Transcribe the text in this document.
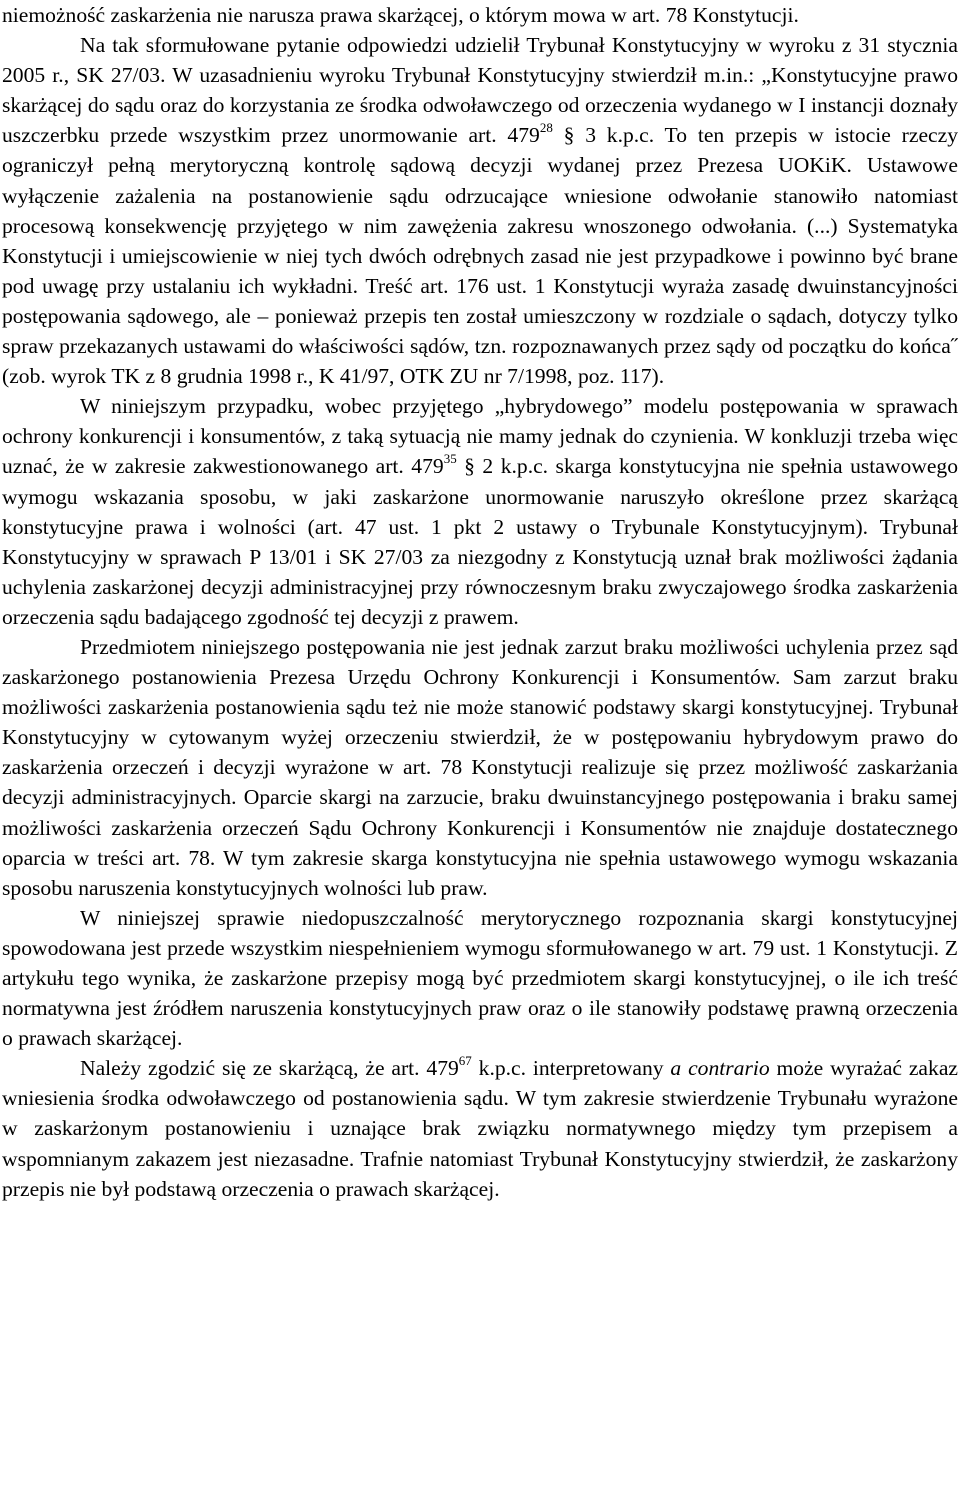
niemożność zaskarżenia nie narusza prawa skarżącej, o którym mowa w art. 78 Konstytucji.

Na tak sformułowane pytanie odpowiedzi udzielił Trybunał Konstytucyjny w wyroku z 31 stycznia 2005 r., SK 27/03. W uzasadnieniu wyroku Trybunał Konstytucyjny stwierdził m.in.: „Konstytucyjne prawo skarżącej do sądu oraz do korzystania ze środka odwoławczego od orzeczenia wydanego w I instancji doznały uszczerbku przede wszystkim przez unormowanie art. $479^{28}$ § 3 k.p.c. To ten przepis w istocie rzeczy ograniczył pełną merytoryczną kontrolę sądową decyzji wydanej przez Prezesa UOKiK. Ustawowe wyłączenie zażalenia na postanowienie sądu odrzucające wniesione odwołanie stanowiło natomiast procesową konsekwencję przyjętego w nim zawężenia zakresu wnoszonego odwołania. (...) Systematyka Konstytucji i umiejscowienie w niej tych dwóch odrębnych zasad nie jest przypadkowe i powinno być brane pod uwagę przy ustalaniu ich wykładni. Treść art. 176 ust. 1 Konstytucji wyraża zasadę dwuinstancyjności postępowania sądowego, ale – ponieważ przepis ten został umieszczony w rozdziale o sądach, dotyczy tylko spraw przekazanych ustawami do właściwości sądów, tzn. rozpoznawanych przez sądy od początku do końca˝ (zob. wyrok TK z 8 grudnia 1998 r., K 41/97, OTK ZU nr 7/1998, poz. 117).

W niniejszym przypadku, wobec przyjętego „hybrydowego” modelu postępowania w sprawach ochrony konkurencji i konsumentów, z taką sytuacją nie mamy jednak do czynienia. W konkluzji trzeba więc uznać, że w zakresie zakwestionowanego art. $479^{35}$ § 2 k.p.c. skarga konstytucyjna nie spełnia ustawowego wymogu wskazania sposobu, w jaki zaskarżone unormowanie naruszyło określone przez skarżącą konstytucyjne prawa i wolności (art. 47 ust. 1 pkt 2 ustawy o Trybunale Konstytucyjnym). Trybunał Konstytucyjny w sprawach P 13/01 i SK 27/03 za niezgodny z Konstytucją uznał brak możliwości żądania uchylenia zaskarżonej decyzji administracyjnej przy równoczesnym braku zwyczajowego środka zaskarżenia orzeczenia sądu badającego zgodność tej decyzji z prawem.

Przedmiotem niniejszego postępowania nie jest jednak zarzut braku możliwości uchylenia przez sąd zaskarżonego postanowienia Prezesa Urzędu Ochrony Konkurencji i Konsumentów. Sam zarzut braku możliwości zaskarżenia postanowienia sądu też nie może stanowić podstawy skargi konstytucyjnej. Trybunał Konstytucyjny w cytowanym wyżej orzeczeniu stwierdził, że w postępowaniu hybrydowym prawo do zaskarżenia orzeczeń i decyzji wyrażone w art. 78 Konstytucji realizuje się przez możliwość zaskarżania decyzji administracyjnych. Oparcie skargi na zarzucie, braku dwuinstancyjnego postępowania i braku samej możliwości zaskarżenia orzeczeń Sądu Ochrony Konkurencji i Konsumentów nie znajduje dostatecznego oparcia w treści art. 78. W tym zakresie skarga konstytucyjna nie spełnia ustawowego wymogu wskazania sposobu naruszenia konstytucyjnych wolności lub praw.

W niniejszej sprawie niedopuszczalność merytorycznego rozpoznania skargi konstytucyjnej spowodowana jest przede wszystkim niespełnieniem wymogu sformułowanego w art. 79 ust. 1 Konstytucji. Z artykułu tego wynika, że zaskarżone przepisy mogą być przedmiotem skargi konstytucyjnej, o ile ich treść normatywna jest źródłem naruszenia konstytucyjnych praw oraz o ile stanowiły podstawę prawną orzeczenia o prawach skarżącej.

Należy zgodzić się ze skarżącą, że art. $479^{67}$ k.p.c. interpretowany a contrario może wyrażać zakaz wniesienia środka odwoławczego od postanowienia sądu. W tym zakresie stwierdzenie Trybunału wyrażone w zaskarżonym postanowieniu i uznające brak związku normatywnego między tym przepisem a wspomnianym zakazem jest niezasadne. Trafnie natomiast Trybunał Konstytucyjny stwierdził, że zaskarżony przepis nie był podstawą orzeczenia o prawach skarżącej.
